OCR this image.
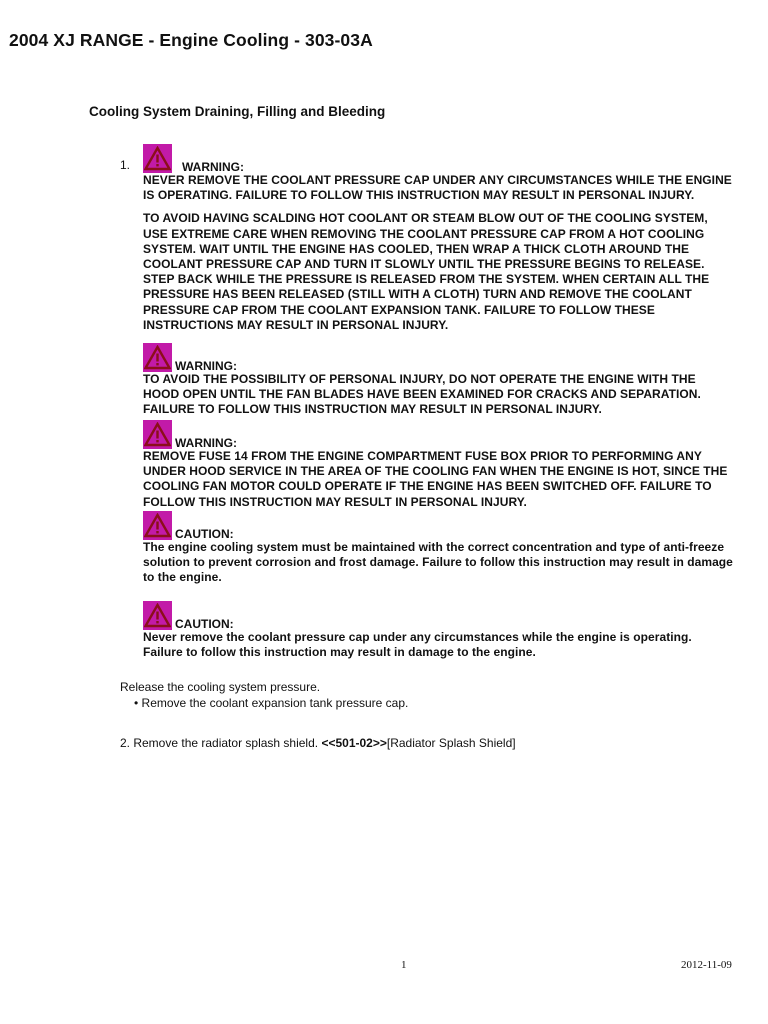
2004 XJ RANGE - Engine Cooling - 303-03A
Cooling System Draining, Filling and Bleeding
1.	WARNING:

NEVER REMOVE THE COOLANT PRESSURE CAP UNDER ANY CIRCUMSTANCES WHILE THE ENGINE IS OPERATING. FAILURE TO FOLLOW THIS INSTRUCTION MAY RESULT IN PERSONAL INJURY.

TO AVOID HAVING SCALDING HOT COOLANT OR STEAM BLOW OUT OF THE COOLING SYSTEM, USE EXTREME CARE WHEN REMOVING THE COOLANT PRESSURE CAP FROM A HOT COOLING SYSTEM. WAIT UNTIL THE ENGINE HAS COOLED, THEN WRAP A THICK CLOTH AROUND THE COOLANT PRESSURE CAP AND TURN IT SLOWLY UNTIL THE PRESSURE BEGINS TO RELEASE. STEP BACK WHILE THE PRESSURE IS RELEASED FROM THE SYSTEM. WHEN CERTAIN ALL THE PRESSURE HAS BEEN RELEASED (STILL WITH A CLOTH) TURN AND REMOVE THE COOLANT PRESSURE CAP FROM THE COOLANT EXPANSION TANK. FAILURE TO FOLLOW THESE INSTRUCTIONS MAY RESULT IN PERSONAL INJURY.

WARNING:

TO AVOID THE POSSIBILITY OF PERSONAL INJURY, DO NOT OPERATE THE ENGINE WITH THE HOOD OPEN UNTIL THE FAN BLADES HAVE BEEN EXAMINED FOR CRACKS AND SEPARATION. FAILURE TO FOLLOW THIS INSTRUCTION MAY RESULT IN PERSONAL INJURY.

WARNING:

REMOVE FUSE 14 FROM THE ENGINE COMPARTMENT FUSE BOX PRIOR TO PERFORMING ANY UNDER HOOD SERVICE IN THE AREA OF THE COOLING FAN WHEN THE ENGINE IS HOT, SINCE THE COOLING FAN MOTOR COULD OPERATE IF THE ENGINE HAS BEEN SWITCHED OFF. FAILURE TO FOLLOW THIS INSTRUCTION MAY RESULT IN PERSONAL INJURY.

CAUTION:

The engine cooling system must be maintained with the correct concentration and type of anti-freeze solution to prevent corrosion and frost damage. Failure to follow this instruction may result in damage to the engine.

CAUTION:

Never remove the coolant pressure cap under any circumstances while the engine is operating. Failure to follow this instruction may result in damage to the engine.

Release the cooling system pressure.
• Remove the coolant expansion tank pressure cap.
2. Remove the radiator splash shield. <<501-02>>[Radiator Splash Shield]
1	2012-11-09
